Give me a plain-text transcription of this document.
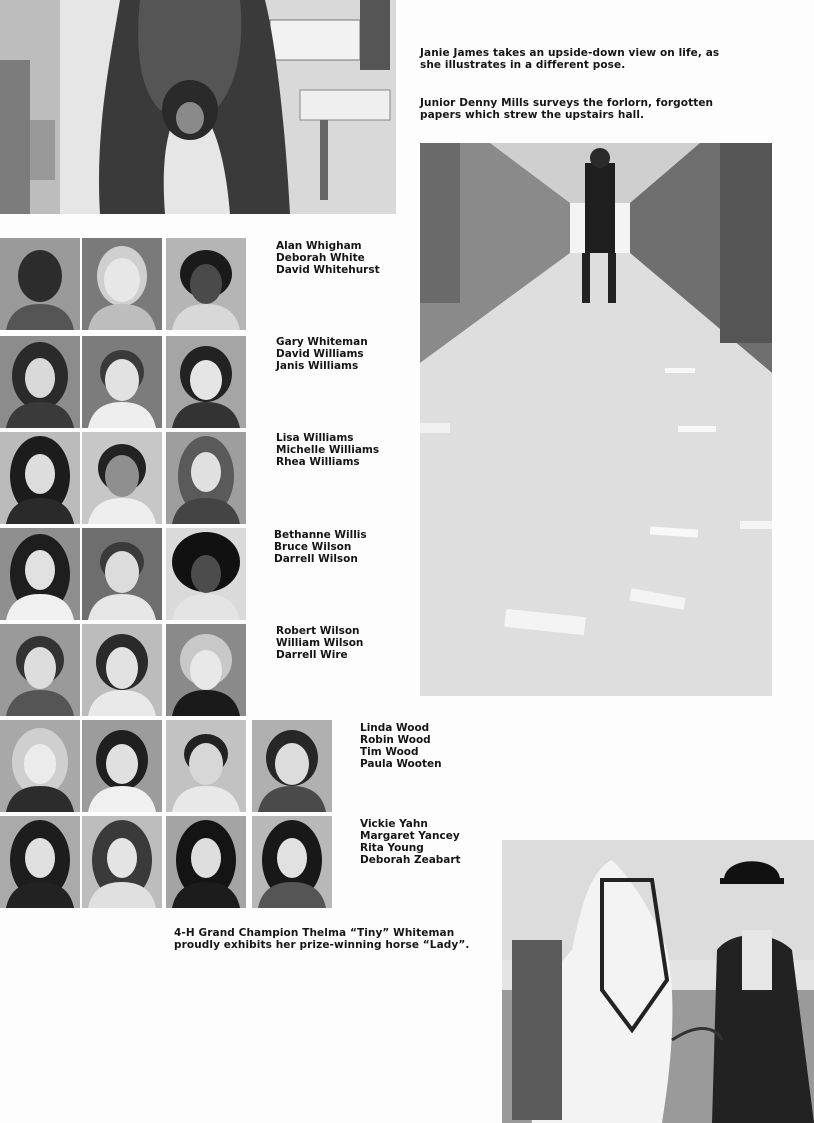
Janie James takes an upside-down view on life, as
she illustrates in a different pose.
Junior Denny Mills surveys the forlorn, forgotten
papers which strew the upstairs hall.
Alan Whigham
Deborah White
David Whitehurst
Gary Whiteman
David Williams
Janis Williams
Lisa Williams
Michelle Williams
Rhea Williams
Bethanne Willis
Bruce Wilson
Darrell Wilson
Robert Wilson
William Wilson
Darrell Wire
Linda Wood
Robin Wood
Tim Wood
Paula Wooten
Vickie Yahn
Margaret Yancey
Rita Young
Deborah Zeabart
4-H Grand Champion Thelma “Tiny” Whiteman
proudly exhibits her prize-winning horse “Lady”.
